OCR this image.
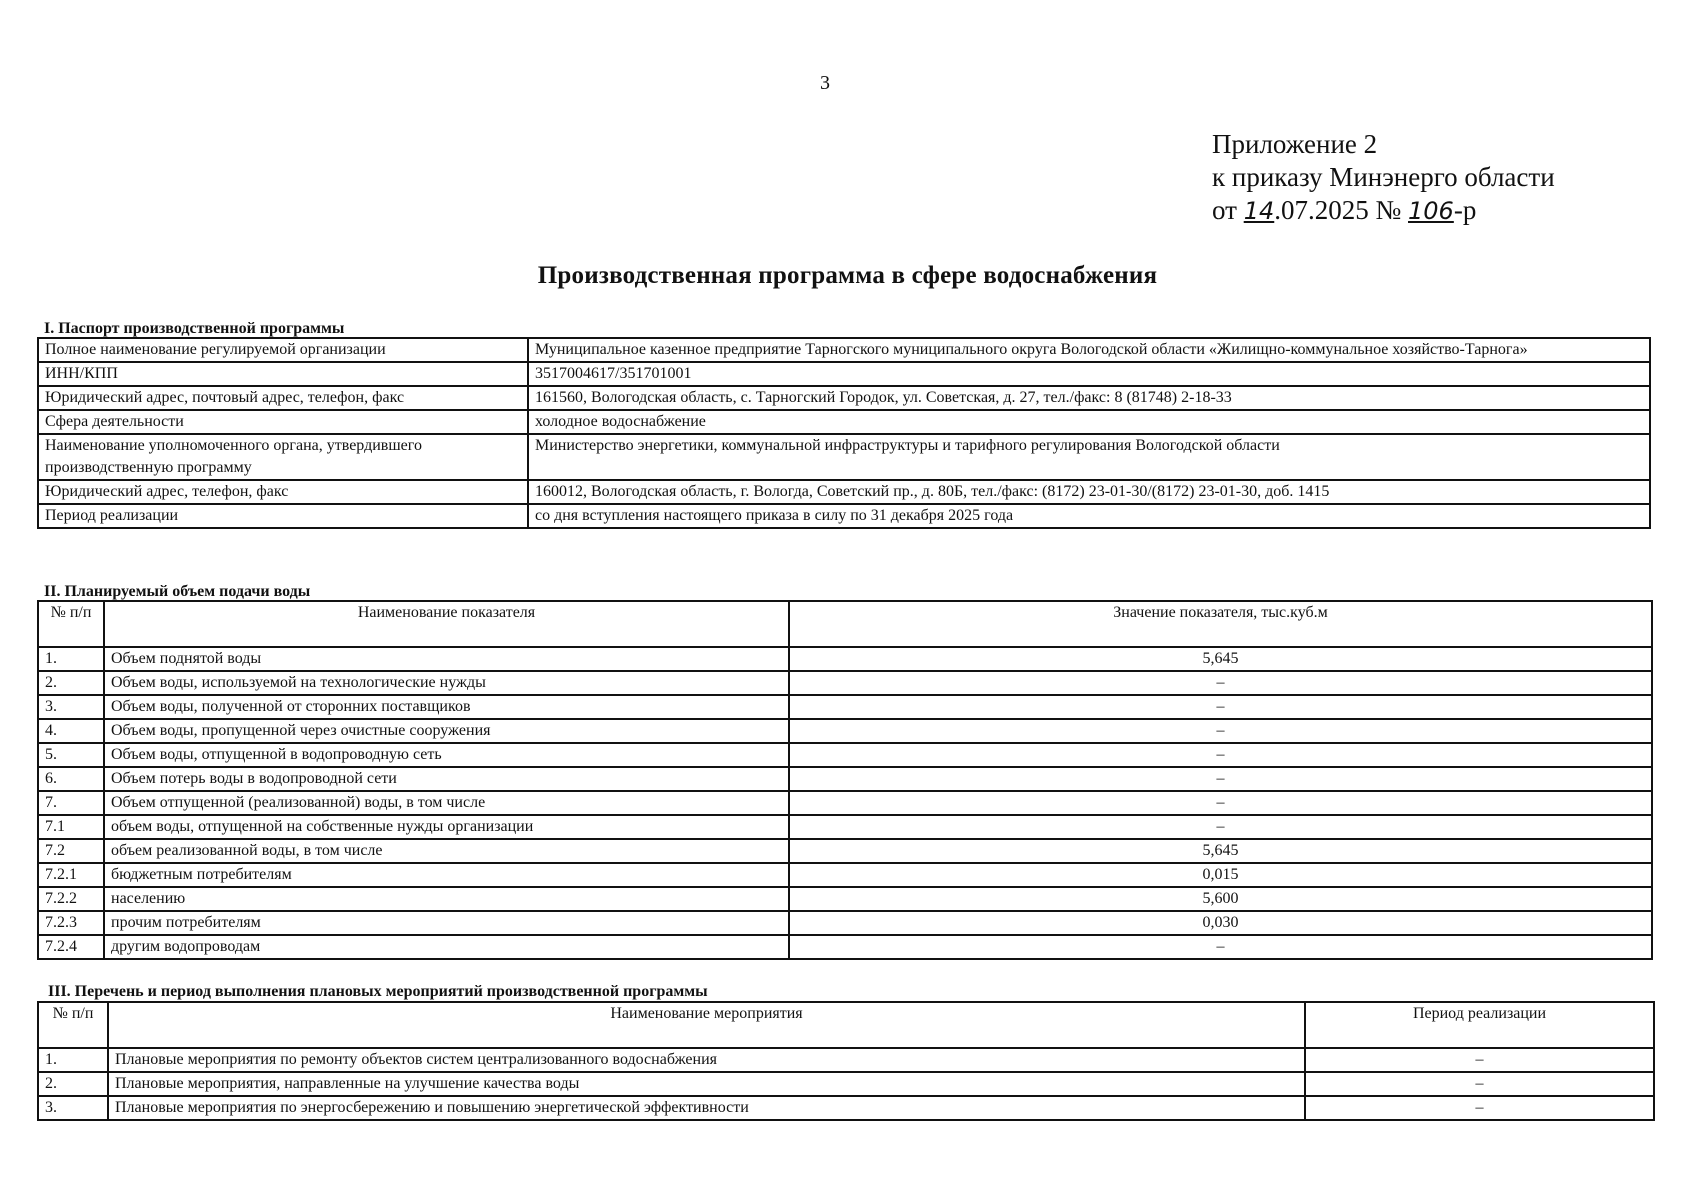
3
Приложение 2
к приказу Минэнерго области
от 14.07.2025 № 106-р
Производственная программа в сфере водоснабжения
I. Паспорт производственной программы
Полное наименование регулируемой организации	Муниципальное казенное предприятие Тарногского муниципального округа Вологодской области «Жилищно-коммунальное хозяйство-Тарнога»
ИНН/КПП	3517004617/351701001
Юридический адрес, почтовый адрес, телефон, факс	161560, Вологодская область, с. Тарногский Городок, ул. Советская, д. 27, тел./факс: 8 (81748) 2-18-33
Сфера деятельности	холодное водоснабжение
Наименование уполномоченного органа, утвердившего производственную программу	Министерство энергетики, коммунальной инфраструктуры и тарифного регулирования Вологодской области
Юридический адрес, телефон, факс	160012, Вологодская область, г. Вологда, Советский пр., д. 80Б, тел./факс: (8172) 23-01-30/(8172) 23-01-30, доб. 1415
Период реализации	со дня вступления настоящего приказа в силу по 31 декабря 2025 года
II. Планируемый объем подачи воды
№ п/п	Наименование показателя	Значение показателя, тыс.куб.м
1.	Объем поднятой воды	5,645
2.	Объем воды, используемой на технологические нужды	–
3.	Объем воды, полученной от сторонних поставщиков	–
4.	Объем воды, пропущенной через очистные сооружения	–
5.	Объем воды, отпущенной в водопроводную сеть	–
6.	Объем потерь воды в водопроводной сети	–
7.	Объем отпущенной (реализованной) воды, в том числе	–
7.1	объем воды, отпущенной на собственные нужды организации	–
7.2	объем реализованной воды, в том числе	5,645
7.2.1	бюджетным потребителям	0,015
7.2.2	населению	5,600
7.2.3	прочим потребителям	0,030
7.2.4	другим водопроводам	–
III. Перечень и период выполнения плановых мероприятий производственной программы
№ п/п	Наименование мероприятия	Период реализации
1.	Плановые мероприятия по ремонту объектов систем централизованного водоснабжения	–
2.	Плановые мероприятия, направленные на улучшение качества воды	–
3.	Плановые мероприятия по энергосбережению и повышению энергетической эффективности	–
